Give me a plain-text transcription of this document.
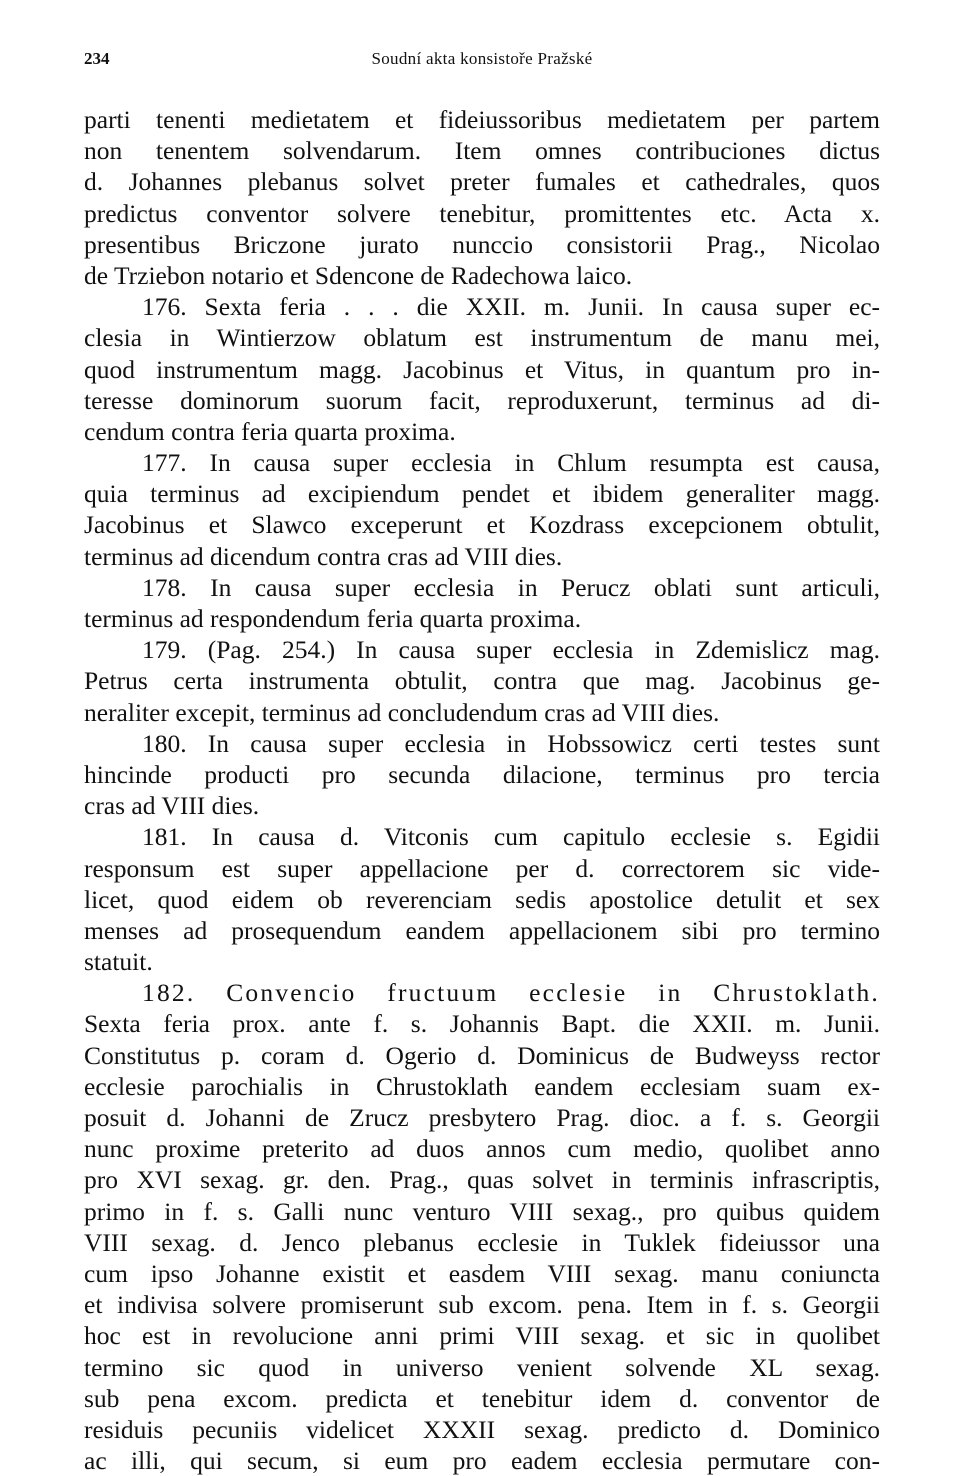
234	Soudní akta konsistoře Pražské
parti tenenti medietatem et fideiussoribus medietatem per partem
non tenentem solvendarum. Item omnes contribuciones dictus
d. Johannes plebanus solvet preter fumales et cathedrales, quos
predictus conventor solvere tenebitur, promittentes etc. Acta x.
presentibus Briczone jurato nunccio consistorii Prag., Nicolao
de Trziebon notario et Sdencone de Radechowa laico.
176. Sexta feria . . . die XXII. m. Junii. In causa super ec-
clesia in Wintierzow oblatum est instrumentum de manu mei,
quod instrumentum magg. Jacobinus et Vitus, in quantum pro in-
teresse dominorum suorum facit, reproduxerunt, terminus ad di-
cendum contra feria quarta proxima.
177. In causa super ecclesia in Chlum resumpta est causa,
quia terminus ad excipiendum pendet et ibidem generaliter magg.
Jacobinus et Slawco exceperunt et Kozdrass excepcionem obtulit,
terminus ad dicendum contra cras ad VIII dies.
178. In causa super ecclesia in Perucz oblati sunt articuli,
terminus ad respondendum feria quarta proxima.
179. (Pag. 254.) In causa super ecclesia in Zdemislicz mag.
Petrus certa instrumenta obtulit, contra que mag. Jacobinus ge-
neraliter excepit, terminus ad concludendum cras ad VIII dies.
180. In causa super ecclesia in Hobssowicz certi testes sunt
hincinde producti pro secunda dilacione, terminus pro tercia
cras ad VIII dies.
181. In causa d. Vitconis cum capitulo ecclesie s. Egidii
responsum est super appellacione per d. correctorem sic vide-
licet, quod eidem ob reverenciam sedis apostolice detulit et sex
menses ad prosequendum eandem appellacionem sibi pro termino
statuit.
182. Convencio fructuum ecclesie in Chrustoklath.
Sexta feria prox. ante f. s. Johannis Bapt. die XXII. m. Junii.
Constitutus p. coram d. Ogerio d. Dominicus de Budweyss rector
ecclesie parochialis in Chrustoklath eandem ecclesiam suam ex-
posuit d. Johanni de Zrucz presbytero Prag. dioc. a f. s. Georgii
nunc proxime preterito ad duos annos cum medio, quolibet anno
pro XVI sexag. gr. den. Prag., quas solvet in terminis infrascriptis,
primo in f. s. Galli nunc venturo VIII sexag., pro quibus quidem
VIII sexag. d. Jenco plebanus ecclesie in Tuklek fideiussor una
cum ipso Johanne existit et easdem VIII sexag. manu coniuncta
et indivisa solvere promiserunt sub excom. pena. Item in f. s. Georgii
hoc est in revolucione anni primi VIII sexag. et sic in quolibet
termino sic quod in universo venient solvende XL sexag.
sub pena excom. predicta et tenebitur idem d. conventor de
residuis pecuniis videlicet XXXII sexag. predicto d. Dominico
ac illi, qui secum, si eum pro eadem ecclesia permutare con-
